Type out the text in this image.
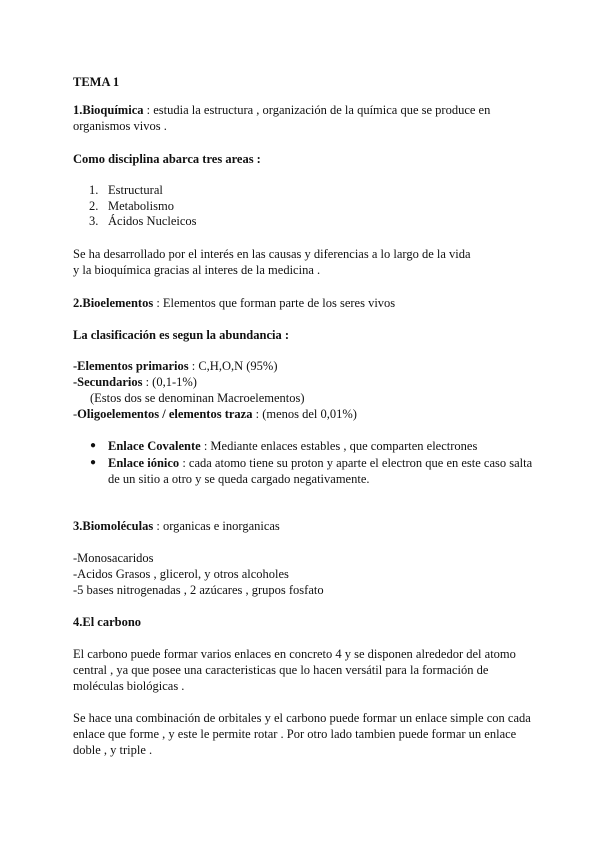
TEMA 1
1.Bioquímica : estudia la estructura , organización de la química que se produce en
organismos vivos .
Como disciplina abarca tres areas :
1. Estructural
2. Metabolismo
3. Ácidos Nucleicos
Se ha desarrollado por el interés en las causas y diferencias a lo largo de la vida
y la bioquímica gracias al interes de la medicina .
2.Bioelementos : Elementos que forman parte de los seres vivos
La clasificación es segun la abundancia :
-Elementos primarios : C,H,O,N (95%)
-Secundarios : (0,1-1%)
(Estos dos se denominan Macroelementos)
-Oligoelementos / elementos traza : (menos del 0,01%)
● Enlace Covalente : Mediante enlaces estables , que comparten electrones
● Enlace iónico : cada atomo tiene su proton y aparte el electron que en este caso salta
de un sitio a otro y se queda cargado negativamente.
3.Biomoléculas : organicas e inorganicas
-Monosacaridos
-Acidos Grasos , glicerol, y otros alcoholes
-5 bases nitrogenadas , 2 azúcares , grupos fosfato
4.El carbono
El carbono puede formar varios enlaces en concreto 4 y se disponen alrededor del atomo
central , ya que posee una caracteristicas que lo hacen versátil para la formación de
moléculas biológicas .
Se hace una combinación de orbitales y el carbono puede formar un enlace simple con cada
enlace que forme , y este le permite rotar . Por otro lado tambien puede formar un enlace
doble , y triple .
